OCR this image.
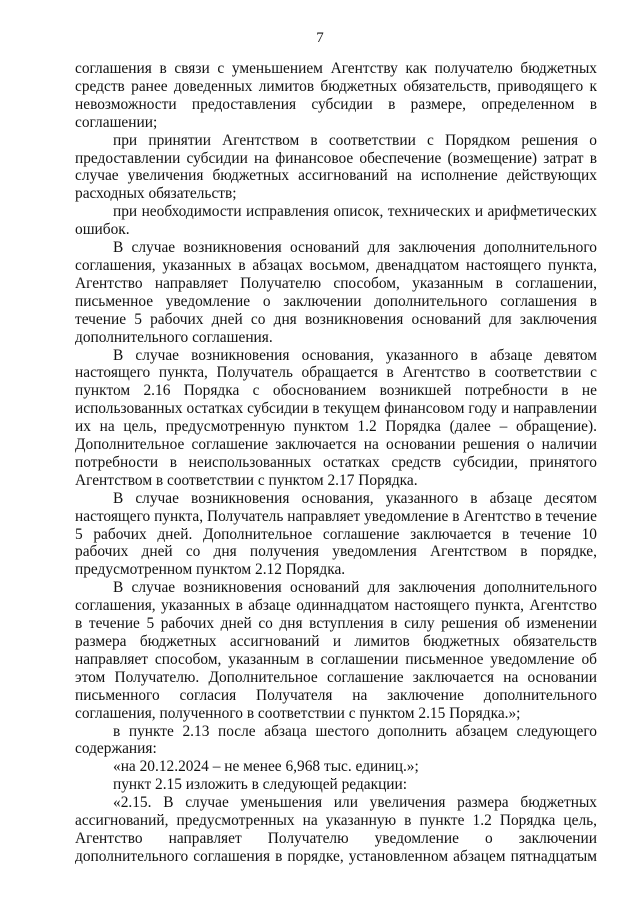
7

соглашения в связи с уменьшением Агентству как получателю бюджетных средств ранее доведенных лимитов бюджетных обязательств, приводящего к невозможности предоставления субсидии в размере, определенном в соглашении;

при принятии Агентством в соответствии с Порядком решения о предоставлении субсидии на финансовое обеспечение (возмещение) затрат в случае увеличения бюджетных ассигнований на исполнение действующих расходных обязательств;

при необходимости исправления описок, технических и арифметических ошибок.

В случае возникновения оснований для заключения дополнительного соглашения, указанных в абзацах восьмом, двенадцатом настоящего пункта, Агентство направляет Получателю способом, указанным в соглашении, письменное уведомление о заключении дополнительного соглашения в течение 5 рабочих дней со дня возникновения оснований для заключения дополнительного соглашения.

В случае возникновения основания, указанного в абзаце девятом настоящего пункта, Получатель обращается в Агентство в соответствии с пунктом 2.16 Порядка с обоснованием возникшей потребности в не использованных остатках субсидии в текущем финансовом году и направлении их на цель, предусмотренную пунктом 1.2 Порядка (далее – обращение). Дополнительное соглашение заключается на основании решения о наличии потребности в неиспользованных остатках средств субсидии, принятого Агентством в соответствии с пунктом 2.17 Порядка.

В случае возникновения основания, указанного в абзаце десятом настоящего пункта, Получатель направляет уведомление в Агентство в течение 5 рабочих дней. Дополнительное соглашение заключается в течение 10 рабочих дней со дня получения уведомления Агентством в порядке, предусмотренном пунктом 2.12 Порядка.

В случае возникновения оснований для заключения дополнительного соглашения, указанных в абзаце одиннадцатом настоящего пункта, Агентство в течение 5 рабочих дней со дня вступления в силу решения об изменении размера бюджетных ассигнований и лимитов бюджетных обязательств направляет способом, указанным в соглашении письменное уведомление об этом Получателю. Дополнительное соглашение заключается на основании письменного согласия Получателя на заключение дополнительного соглашения, полученного в соответствии с пунктом 2.15 Порядка.»;

в пункте 2.13 после абзаца шестого дополнить абзацем следующего содержания:

«на 20.12.2024 – не менее 6,968 тыс. единиц.»;

пункт 2.15 изложить в следующей редакции:

«2.15. В случае уменьшения или увеличения размера бюджетных ассигнований, предусмотренных на указанную в пункте 1.2 Порядка цель, Агентство направляет Получателю уведомление о заключении дополнительного соглашения в порядке, установленном абзацем пятнадцатым
